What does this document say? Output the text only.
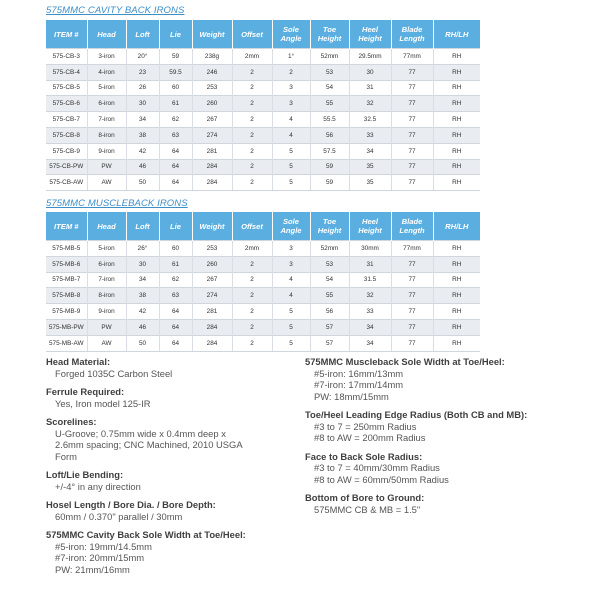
575MMC CAVITY BACK IRONS
ITEM #	Head	Loft	Lie	Weight	Offset	Sole Angle	Toe Height	Heel Height	Blade Length	RH/LH
575-CB-3	3-iron	20°	59	238g	2mm	1°	52mm	29.5mm	77mm	RH
575-CB-4	4-iron	23	59.5	246	2	2	53	30	77	RH
575-CB-5	5-iron	26	60	253	2	3	54	31	77	RH
575-CB-6	6-iron	30	61	260	2	3	55	32	77	RH
575-CB-7	7-iron	34	62	267	2	4	55.5	32.5	77	RH
575-CB-8	8-iron	38	63	274	2	4	56	33	77	RH
575-CB-9	9-iron	42	64	281	2	5	57.5	34	77	RH
575-CB-PW	PW	46	64	284	2	5	59	35	77	RH
575-CB-AW	AW	50	64	284	2	5	59	35	77	RH
575MMC MUSCLEBACK IRONS
ITEM #	Head	Loft	Lie	Weight	Offset	Sole Angle	Toe Height	Heel Height	Blade Length	RH/LH
575-MB-5	5-iron	26°	60	253	2mm	3	52mm	30mm	77mm	RH
575-MB-6	6-iron	30	61	260	2	3	53	31	77	RH
575-MB-7	7-iron	34	62	267	2	4	54	31.5	77	RH
575-MB-8	8-iron	38	63	274	2	4	55	32	77	RH
575-MB-9	9-iron	42	64	281	2	5	56	33	77	RH
575-MB-PW	PW	46	64	284	2	5	57	34	77	RH
575-MB-AW	AW	50	64	284	2	5	57	34	77	RH
Head Material:
Forged 1035C Carbon Steel
Ferrule Required:
Yes, Iron model 125-IR
Scorelines:
U-Groove; 0.75mm wide x 0.4mm deep x
2.6mm spacing; CNC Machined, 2010 USGA
Form
Loft/Lie Bending:
+/-4° in any direction
Hosel Length / Bore Dia. / Bore Depth:
60mm / 0.370" parallel / 30mm
575MMC Cavity Back Sole Width at Toe/Heel:
#5-iron: 19mm/14.5mm
#7-iron: 20mm/15mm
PW: 21mm/16mm
575MMC Muscleback Sole Width at Toe/Heel:
#5-iron: 16mm/13mm
#7-iron: 17mm/14mm
PW: 18mm/15mm
Toe/Heel Leading Edge Radius (Both CB and MB):
#3 to 7 = 250mm Radius
#8 to AW = 200mm Radius
Face to Back Sole Radius:
#3 to 7 = 40mm/30mm Radius
#8 to AW = 60mm/50mm Radius
Bottom of Bore to Ground:
575MMC CB & MB = 1.5"
